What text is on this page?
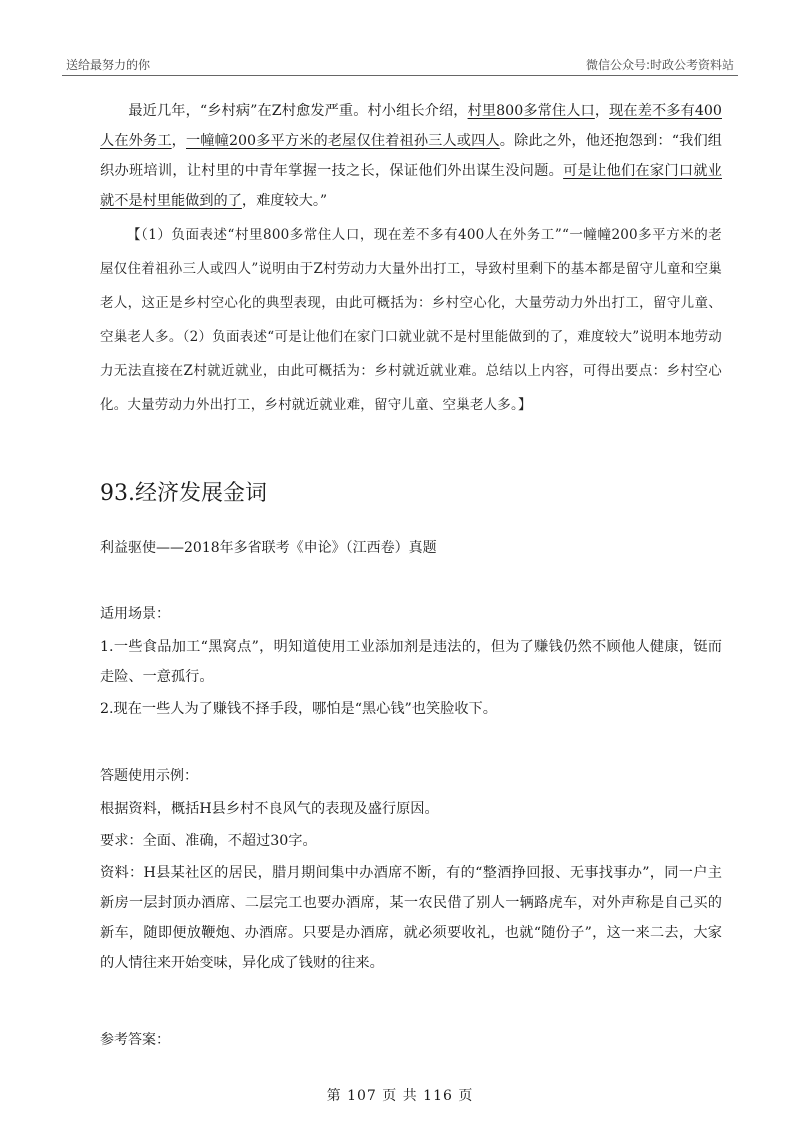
送给最努力的你	微信公众号:时政公考资料站

最近几年，“乡村病”在Z村愈发严重。村小组长介绍，村里800多常住人口，现在差不多有400人在外务工，一幢幢200多平方米的老屋仅住着祖孙三人或四人。除此之外，他还抱怨到：“我们组织办班培训，让村里的中青年掌握一技之长，保证他们外出谋生没问题。可是让他们在家门口就业就不是村里能做到的了，难度较大。”

【（1）负面表述“村里800多常住人口，现在差不多有400人在外务工”“一幢幢200多平方米的老屋仅住着祖孙三人或四人”说明由于Z村劳动力大量外出打工，导致村里剩下的基本都是留守儿童和空巢老人，这正是乡村空心化的典型表现，由此可概括为：乡村空心化，大量劳动力外出打工，留守儿童、空巢老人多。（2）负面表述“可是让他们在家门口就业就不是村里能做到的了，难度较大”说明本地劳动力无法直接在Z村就近就业，由此可概括为：乡村就近就业难。总结以上内容，可得出要点：乡村空心化。大量劳动力外出打工，乡村就近就业难，留守儿童、空巢老人多。】

93.经济发展金词

利益驱使——2018年多省联考《申论》（江西卷）真题

适用场景：

1.一些食品加工“黑窝点”，明知道使用工业添加剂是违法的，但为了赚钱仍然不顾他人健康，铤而走险、一意孤行。

2.现在一些人为了赚钱不择手段，哪怕是“黑心钱”也笑脸收下。

答题使用示例：

根据资料，概括H县乡村不良风气的表现及盛行原因。

要求：全面、准确，不超过30字。

资料：H县某社区的居民，腊月期间集中办酒席不断，有的“整酒挣回报、无事找事办”，同一户主新房一层封顶办酒席、二层完工也要办酒席，某一农民借了别人一辆路虎车，对外声称是自己买的新车，随即便放鞭炮、办酒席。只要是办酒席，就必须要收礼，也就“随份子”，这一来二去，大家的人情往来开始变味，异化成了钱财的往来。

参考答案：

第 107 页 共 116 页
